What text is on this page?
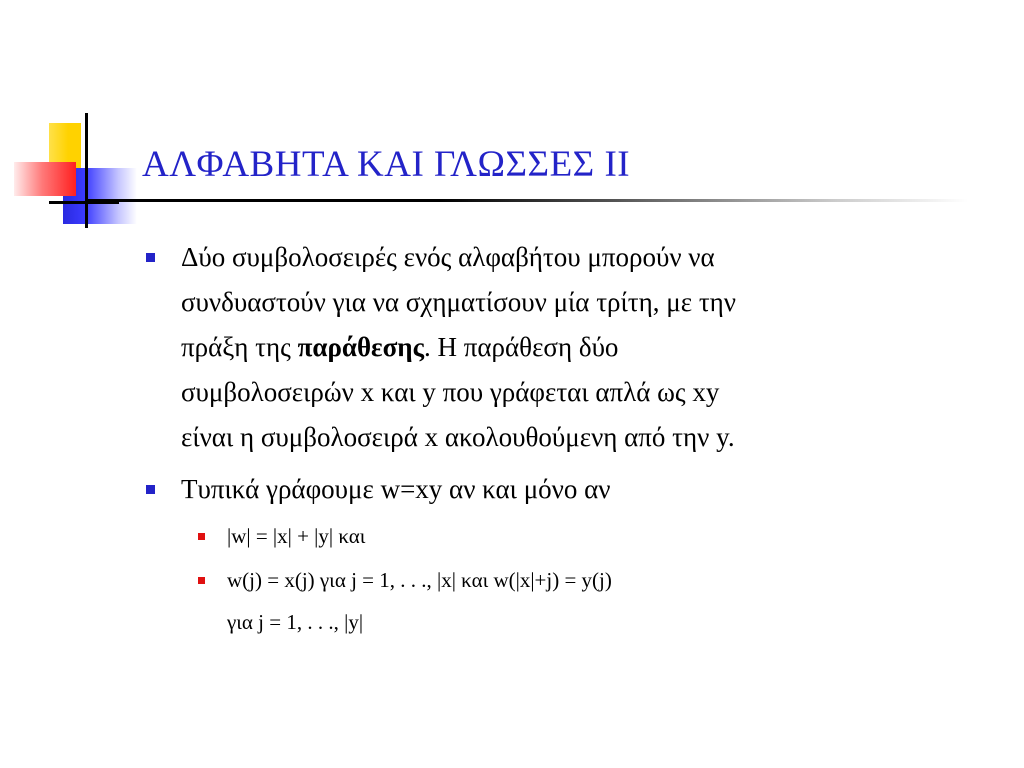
ΑΛΦΑΒΗΤΑ ΚΑΙ ΓΛΩΣΣΕΣ ΙΙ
Δύο συμβολοσειρές ενός αλφαβήτου μπορούν να
συνδυαστούν για να σχηματίσουν μία τρίτη, με την
πράξη της παράθεσης. Η παράθεση δύο
συμβολοσειρών x και y που γράφεται απλά ως xy
είναι η συμβολοσειρά x ακολουθούμενη από την y.
Τυπικά γράφουμε w=xy αν και μόνο αν
|w| = |x| + |y| και
w(j) = x(j) για j = 1, . . ., |x| και w(|x|+j) = y(j)
για j = 1, . . ., |y|
